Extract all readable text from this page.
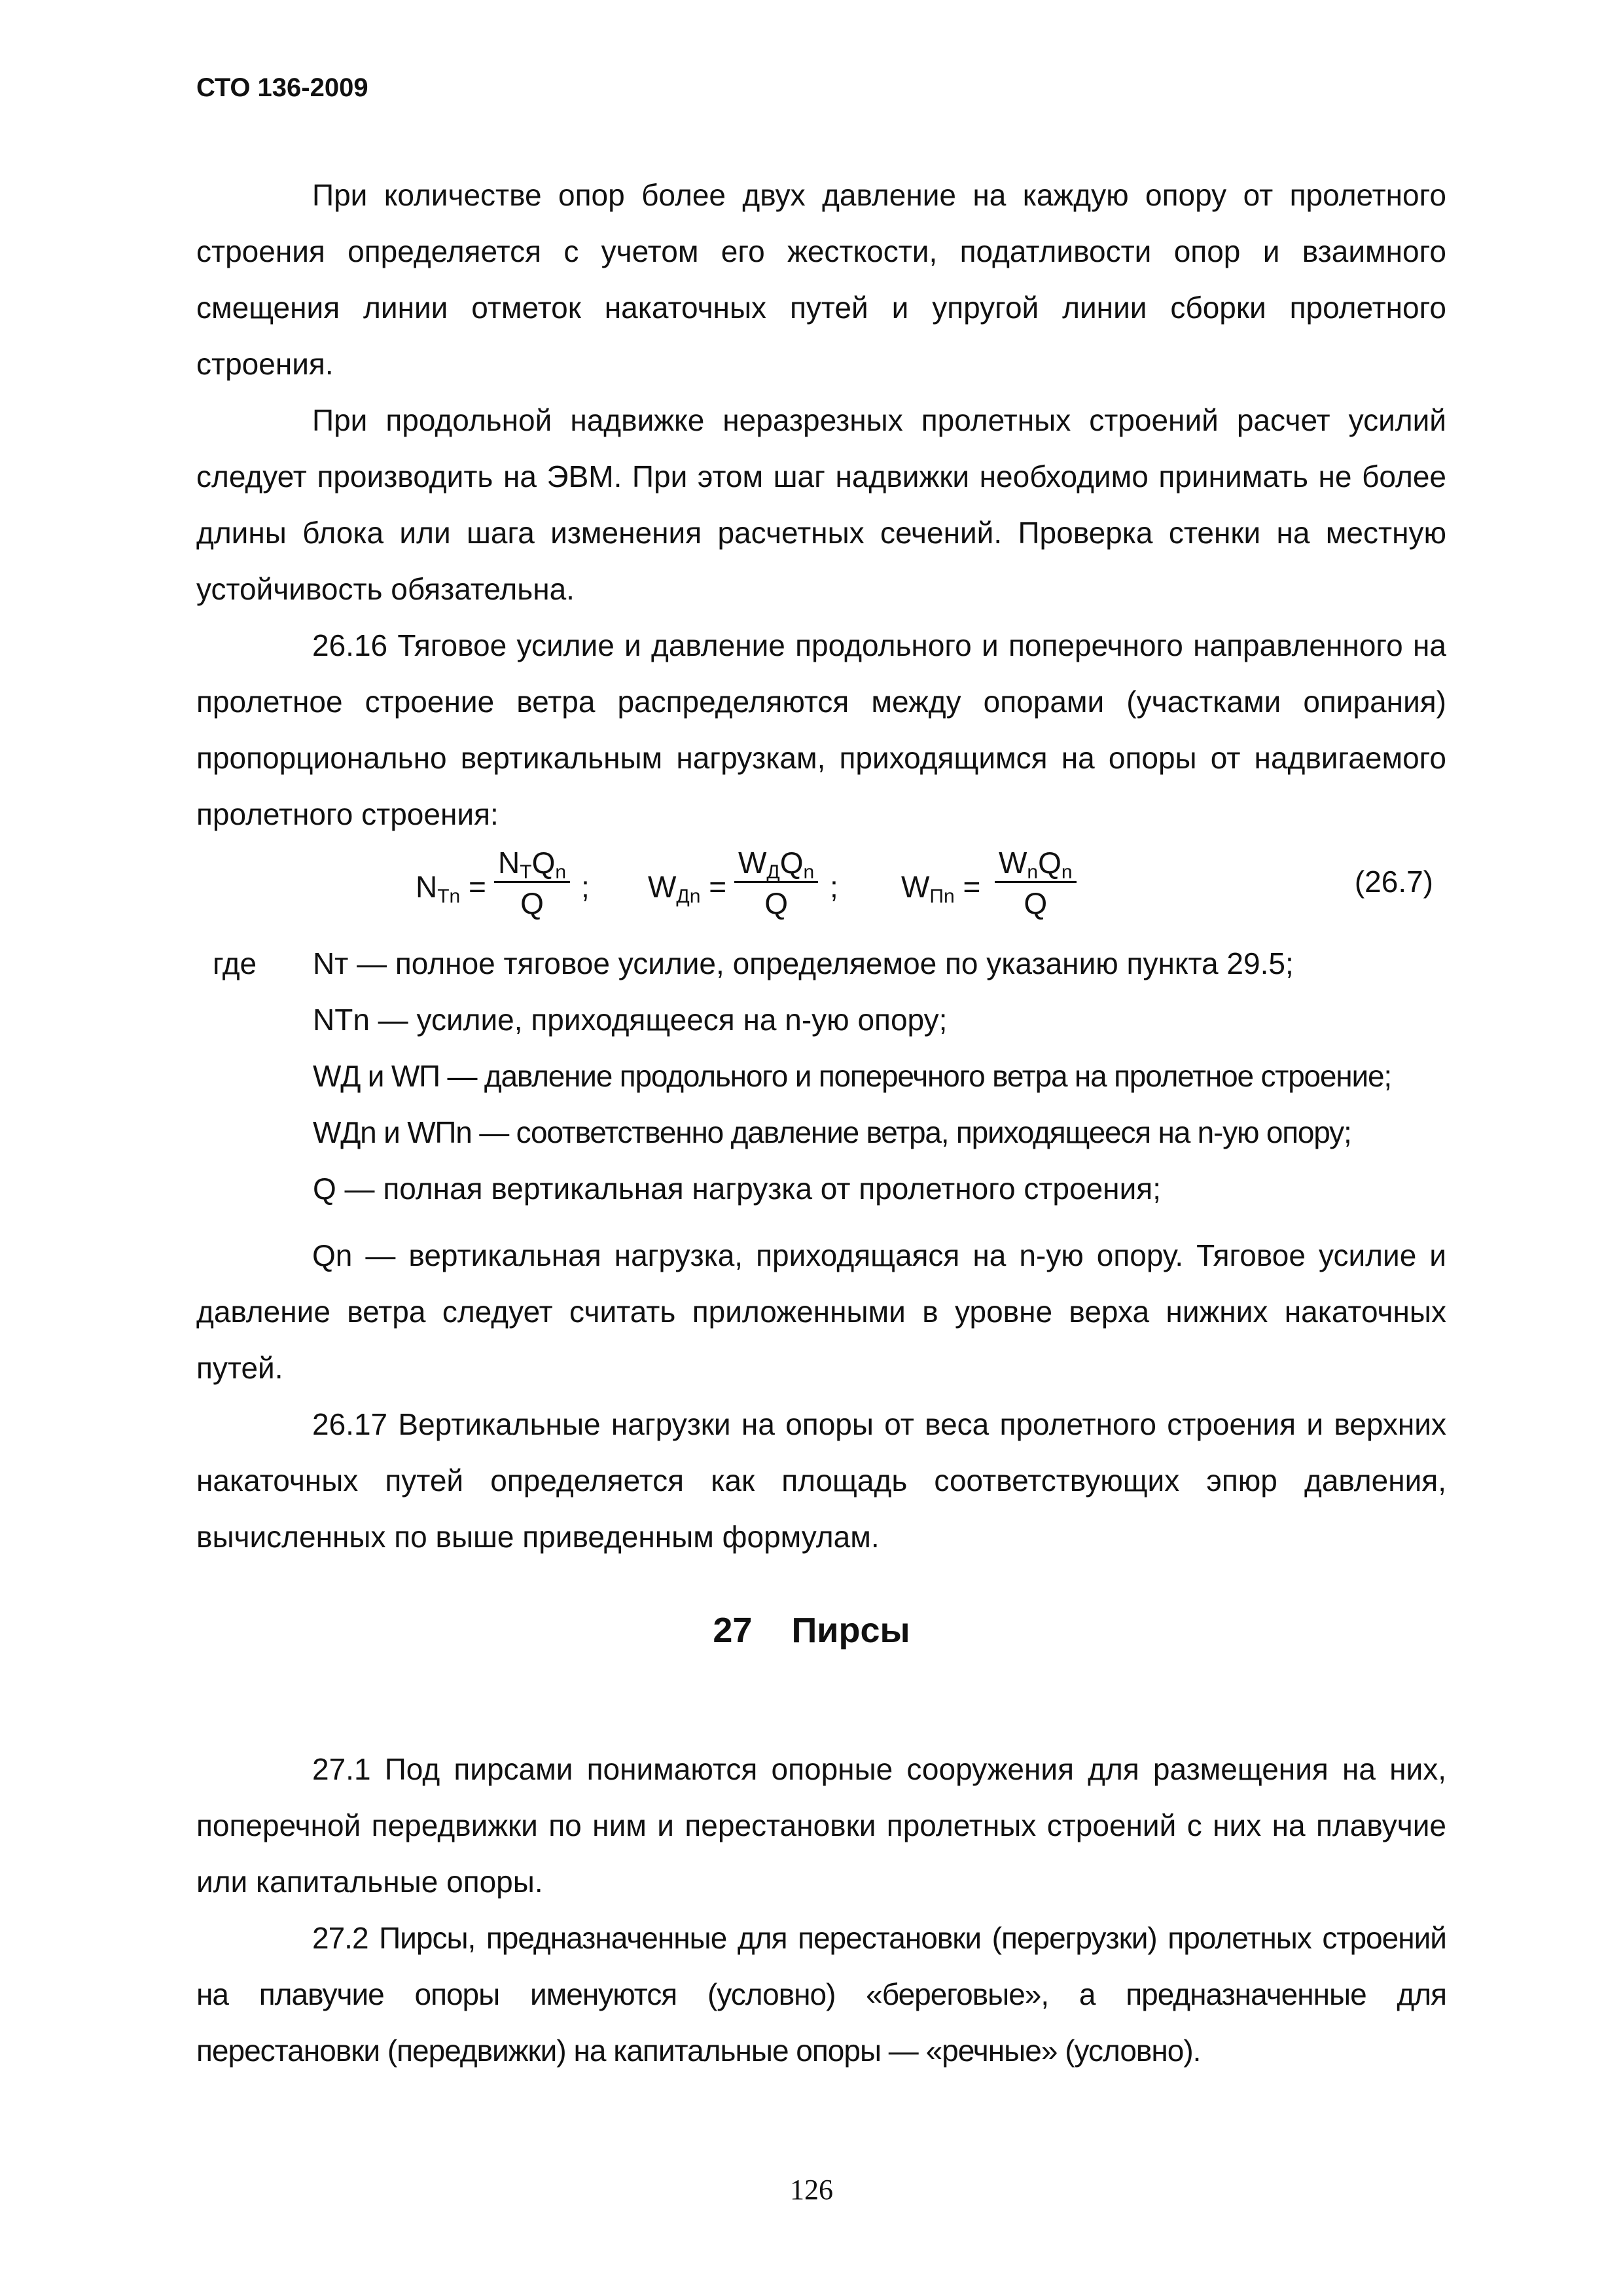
СТО 136-2009

При количестве опор более двух давление на каждую опору от пролетного строения определяется с учетом его жесткости, податливости опор и взаимного смещения линии отметок накаточных путей и упругой линии сборки пролетного строения.

При продольной надвижке неразрезных пролетных строений расчет усилий следует производить на ЭВМ. При этом шаг надвижки необходимо принимать не более длины блока или шага изменения расчетных сечений. Проверка стенки на местную устойчивость обязательна.

26.16 Тяговое усилие и давление продольного и поперечного направленного на пролетное строение ветра распределяются между опорами (участками опирания) пропорционально вертикальным нагрузкам, приходящимся на опоры от надвигаемого пролетного строения:

$N_{Tn}$ =
$N_TQ_n$
Q	; $W_{Дn}$ =
$W_ДQ_n$
Q	; $W_{Пn}$ =
$W_nQ_n$
Q
(26.7)
где Nт — полное тяговое усилие, определяемое по указанию пункта 29.5;
NTn — усилие, приходящееся на n-ую опору;
WД и WП — давление продольного и поперечного ветра на пролетное строение;
WДn и WПn — соответственно давление ветра, приходящееся на n-ую опору;
Q — полная вертикальная нагрузка от пролетного строения;

Qn — вертикальная нагрузка, приходящаяся на n-ую опору. Тяговое усилие и давление ветра следует считать приложенными в уровне верха нижних накаточных путей.

26.17 Вертикальные нагрузки на опоры от веса пролетного строения и верхних накаточных путей определяется как площадь соответствующих эпюр давления, вычисленных по выше приведенным формулам.

27 Пирсы

27.1 Под пирсами понимаются опорные сооружения для размещения на них, поперечной передвижки по ним и перестановки пролетных строений с них на плавучие или капитальные опоры.

27.2 Пирсы, предназначенные для перестановки (перегрузки) пролетных строений на плавучие опоры именуются (условно) «береговые», а предназначенные для перестановки (передвижки) на капитальные опоры — «речные» (условно).

126
